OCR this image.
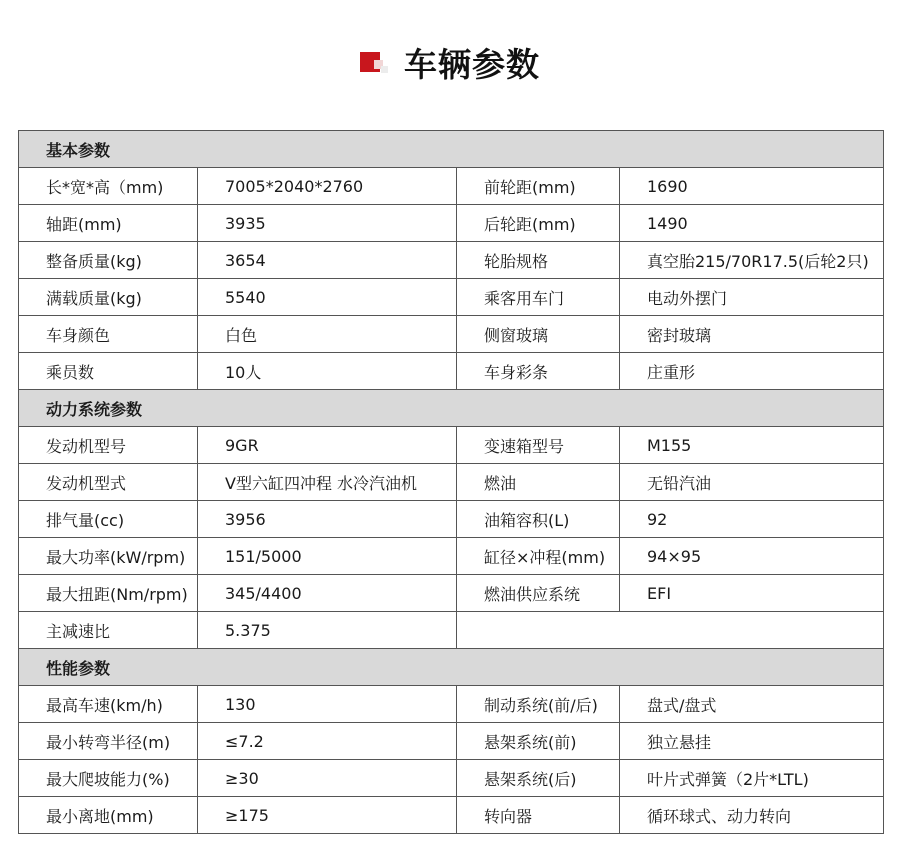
车辆参数
基本参数			
长*宽*高（mm)	7005*2040*2760	前轮距(mm)	1690
轴距(mm)	3935	后轮距(mm)	1490
整备质量(kg)	3654	轮胎规格	真空胎215/70R17.5(后轮2只)
满载质量(kg)	5540	乘客用车门	电动外摆门
车身颜色	白色	侧窗玻璃	密封玻璃
乘员数	10人	车身彩条	庄重形
动力系统参数			
发动机型号	9GR	变速箱型号	M155
发动机型式	V型六缸四冲程 水冷汽油机	燃油	无铅汽油
排气量(cc)	3956	油箱容积(L)	92
最大功率(kW/rpm)	151/5000	缸径×冲程(mm)	94×95
最大扭距(Nm/rpm)	345/4400	燃油供应系统	EFI
主减速比	5.375		
性能参数			
最高车速(km/h)	130	制动系统(前/后)	盘式/盘式
最小转弯半径(m)	≤7.2	悬架系统(前)	独立悬挂
最大爬坡能力(%)	≥30	悬架系统(后)	叶片式弹簧（2片*LTL)
最小离地(mm)	≥175	转向器	循环球式、动力转向
